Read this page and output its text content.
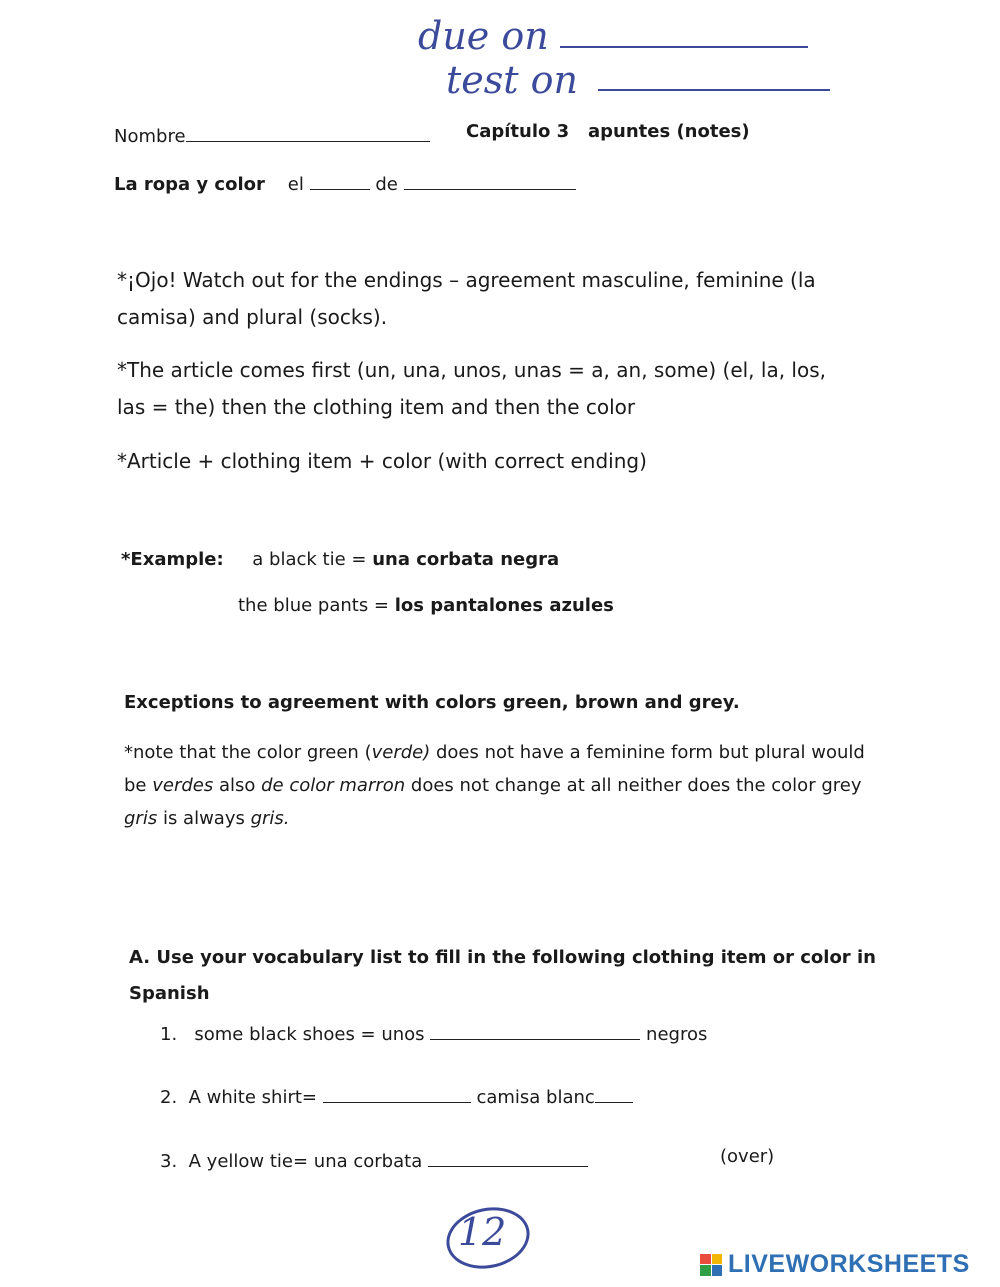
due on
test on
Nombre	Capítulo 3 apuntes (notes)
La ropa y color el	de
*¡Ojo! Watch out for the endings – agreement masculine, feminine (la
camisa) and plural (socks).
*The article comes first (un, una, unos, unas = a, an, some) (el, la, los,
las = the) then the clothing item and then the color
*Article + clothing item + color (with correct ending)
*Example: a black tie = una corbata negra
the blue pants = los pantalones azules
Exceptions to agreement with colors green, brown and grey.
*note that the color green (verde) does not have a feminine form but plural would
be verdes also de color marron does not change at all neither does the color grey
gris is always gris.
A. Use your vocabulary list to fill in the following clothing item or color in
Spanish
1. some black shoes = unos	negros
2. A white shirt=	camisa blanc
3. A yellow tie= una corbata	(over)
12
LIVEWORKSHEETS
